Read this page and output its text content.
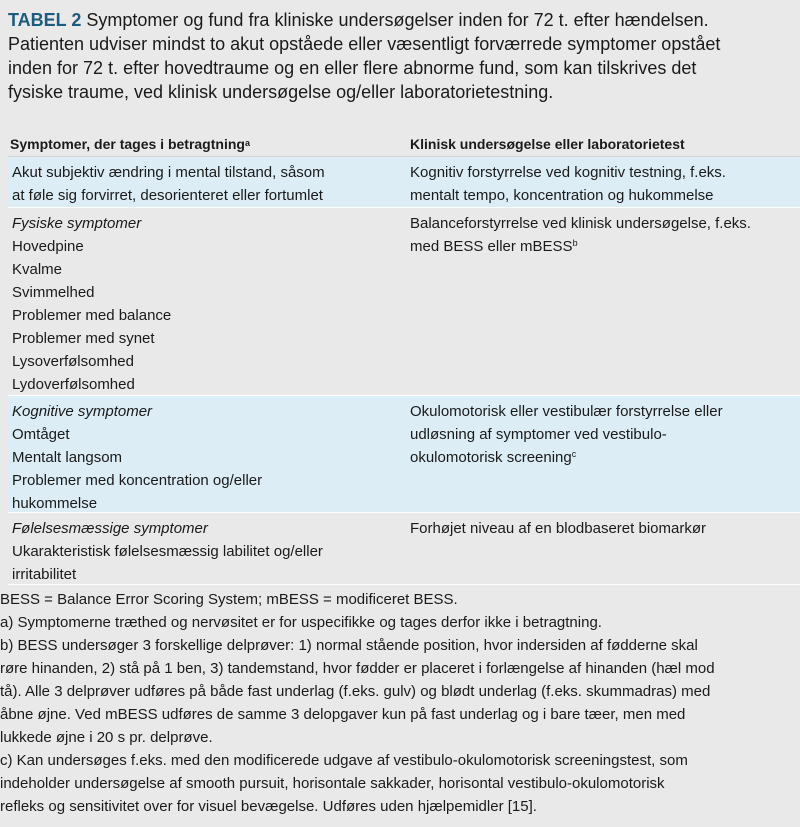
TABEL 2 Symptomer og fund fra kliniske undersøgelser inden for 72 t. efter hændelsen.
Patienten udviser mindst to akut opståede eller væsentligt forværrede symptomer opstået
inden for 72 t. efter hovedtraume og en eller flere abnorme fund, som kan tilskrives det
fysiske traume, ved klinisk undersøgelse og/eller laboratorietestning.
Symptomer, der tages i betragtning$^a$	Klinisk undersøgelse eller laboratorietest
Akut subjektiv ændring i mental tilstand, såsom
at føle sig forvirret, desorienteret eller fortumlet
Kognitiv forstyrrelse ved kognitiv testning, f.eks.
mentalt tempo, koncentration og hukommelse
Fysiske symptomer
Hovedpine
Kvalme
Svimmelhed
Problemer med balance
Problemer med synet
Lysoverfølsomhed
Lydoverfølsomhed
Balanceforstyrrelse ved klinisk undersøgelse, f.eks.
med BESS eller mBESS$^b$
Kognitive symptomer
Omtåget
Mentalt langsom
Problemer med koncentration og/eller
hukommelse
Okulomotorisk eller vestibulær forstyrrelse eller
udløsning af symptomer ved vestibulo-
okulomotorisk screening$^c$
Følelsesmæssige symptomer
Ukarakteristisk følelsesmæssig labilitet og/eller
irritabilitet
Forhøjet niveau af en blodbaseret biomarkør
BESS = Balance Error Scoring System; mBESS = modificeret BESS.
a) Symptomerne træthed og nervøsitet er for uspecifikke og tages derfor ikke i betragtning.
b) BESS undersøger 3 forskellige delprøver: 1) normal stående position, hvor indersiden af fødderne skal
røre hinanden, 2) stå på 1 ben, 3) tandemstand, hvor fødder er placeret i forlængelse af hinanden (hæl mod
tå). Alle 3 delprøver udføres på både fast underlag (f.eks. gulv) og blødt underlag (f.eks. skummadras) med
åbne øjne. Ved mBESS udføres de samme 3 delopgaver kun på fast underlag og i bare tæer, men med
lukkede øjne i 20 s pr. delprøve.
c) Kan undersøges f.eks. med den modificerede udgave af vestibulo-okulomotorisk screeningstest, som
indeholder undersøgelse af smooth pursuit, horisontale sakkader, horisontal vestibulo-okulomotorisk
refleks og sensitivitet over for visuel bevægelse. Udføres uden hjælpemidler [15].
